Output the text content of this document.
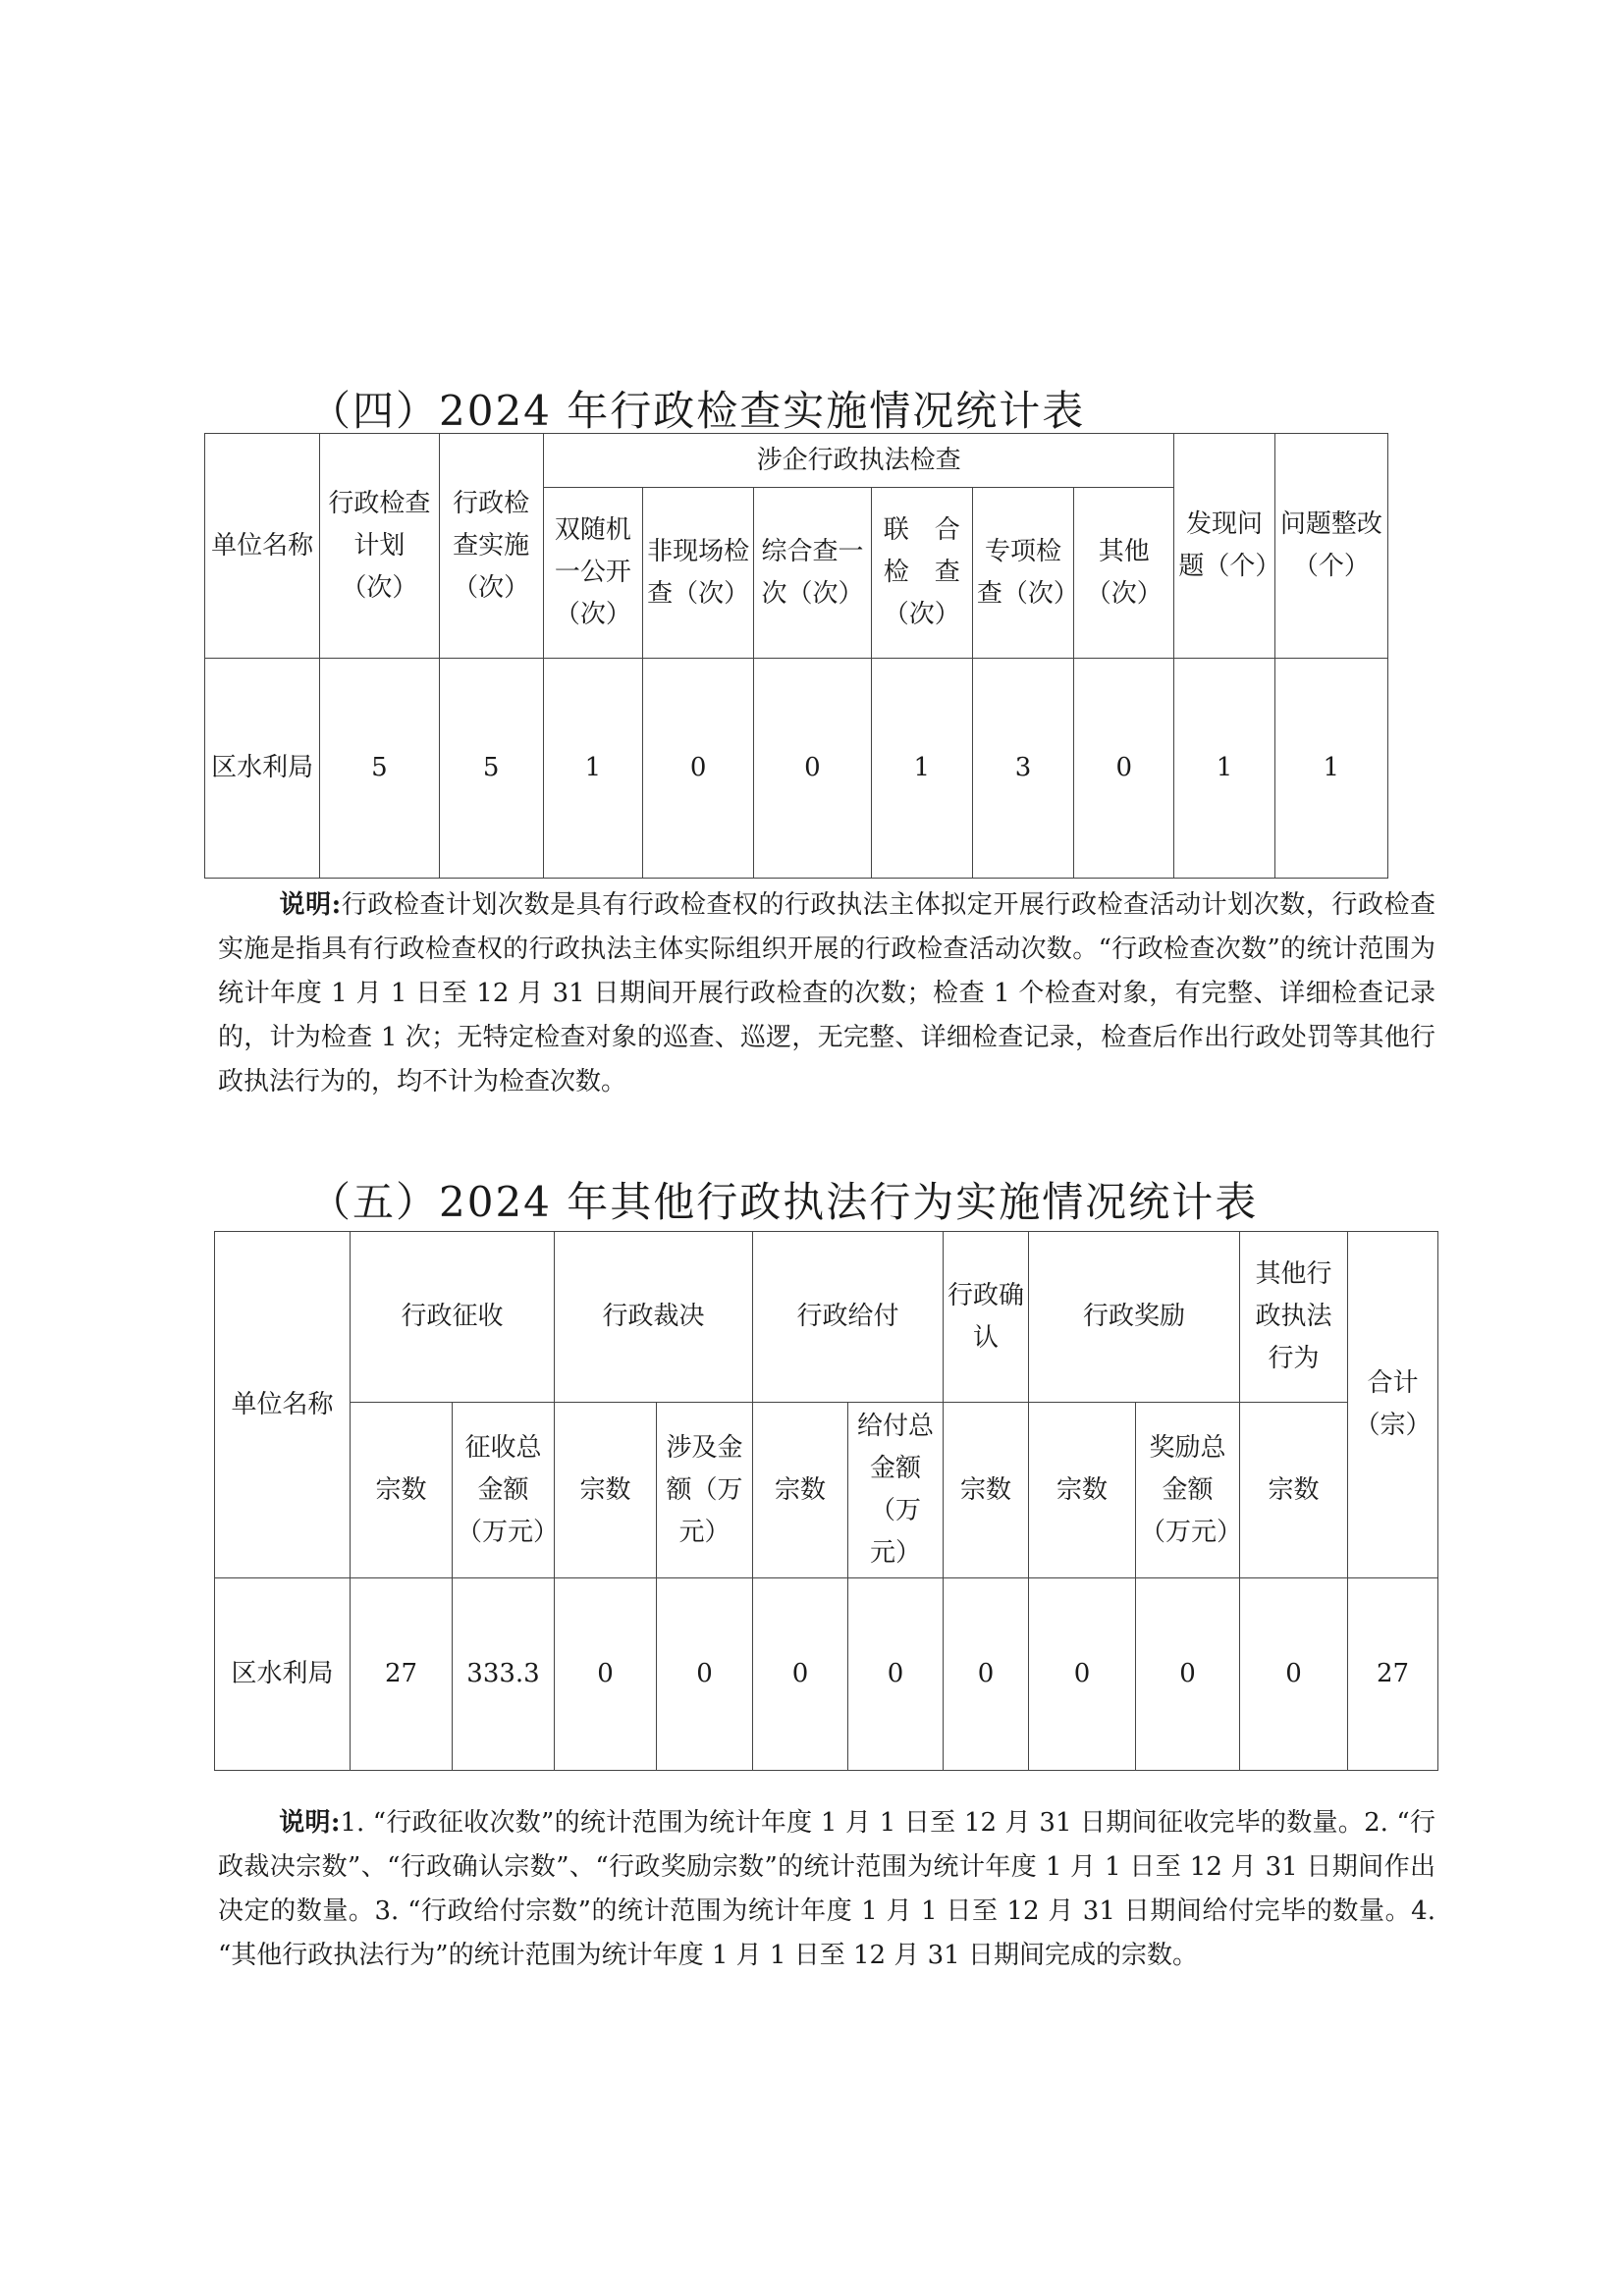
（四）2024 年行政检查实施情况统计表
单位名称	行政检查计划（次）	行政检查实施（次）	涉企行政执法检查						发现问题（个）	问题整改（个）
			双随机一公开（次）	非现场检查（次）	综合查一次（次）	联　合检　查（次）	专项检查（次）	其他（次）		
区水利局	5	5	1	0	0	1	3	0	1	1
说明:行政检查计划次数是具有行政检查权的行政执法主体拟定开展行政检查活动计划次数，行政检查实施是指具有行政检查权的行政执法主体实际组织开展的行政检查活动次数。“行政检查次数”的统计范围为统计年度 1 月 1 日至 12 月 31 日期间开展行政检查的次数；检查 1 个检查对象，有完整、详细检查记录的，计为检查 1 次；无特定检查对象的巡查、巡逻，无完整、详细检查记录，检查后作出行政处罚等其他行政执法行为的，均不计为检查次数。
（五）2024 年其他行政执法行为实施情况统计表
单位名称	行政征收		行政裁决		行政给付		行政确认	行政奖励		其他行政执法行为	合计（宗）
	宗数	征收总金额（万元）	宗数	涉及金额（万元）	宗数	给付总金额（万元）	宗数	宗数	奖励总金额（万元）	宗数	
区水利局	27	333.3	0	0	0	0	0	0	0	0	27
说明:1. “行政征收次数”的统计范围为统计年度 1 月 1 日至 12 月 31 日期间征收完毕的数量。2. “行政裁决宗数”、“行政确认宗数”、“行政奖励宗数”的统计范围为统计年度 1 月 1 日至 12 月 31 日期间作出决定的数量。3. “行政给付宗数”的统计范围为统计年度 1 月 1 日至 12 月 31 日期间给付完毕的数量。4. “其他行政执法行为”的统计范围为统计年度 1 月 1 日至 12 月 31 日期间完成的宗数。
